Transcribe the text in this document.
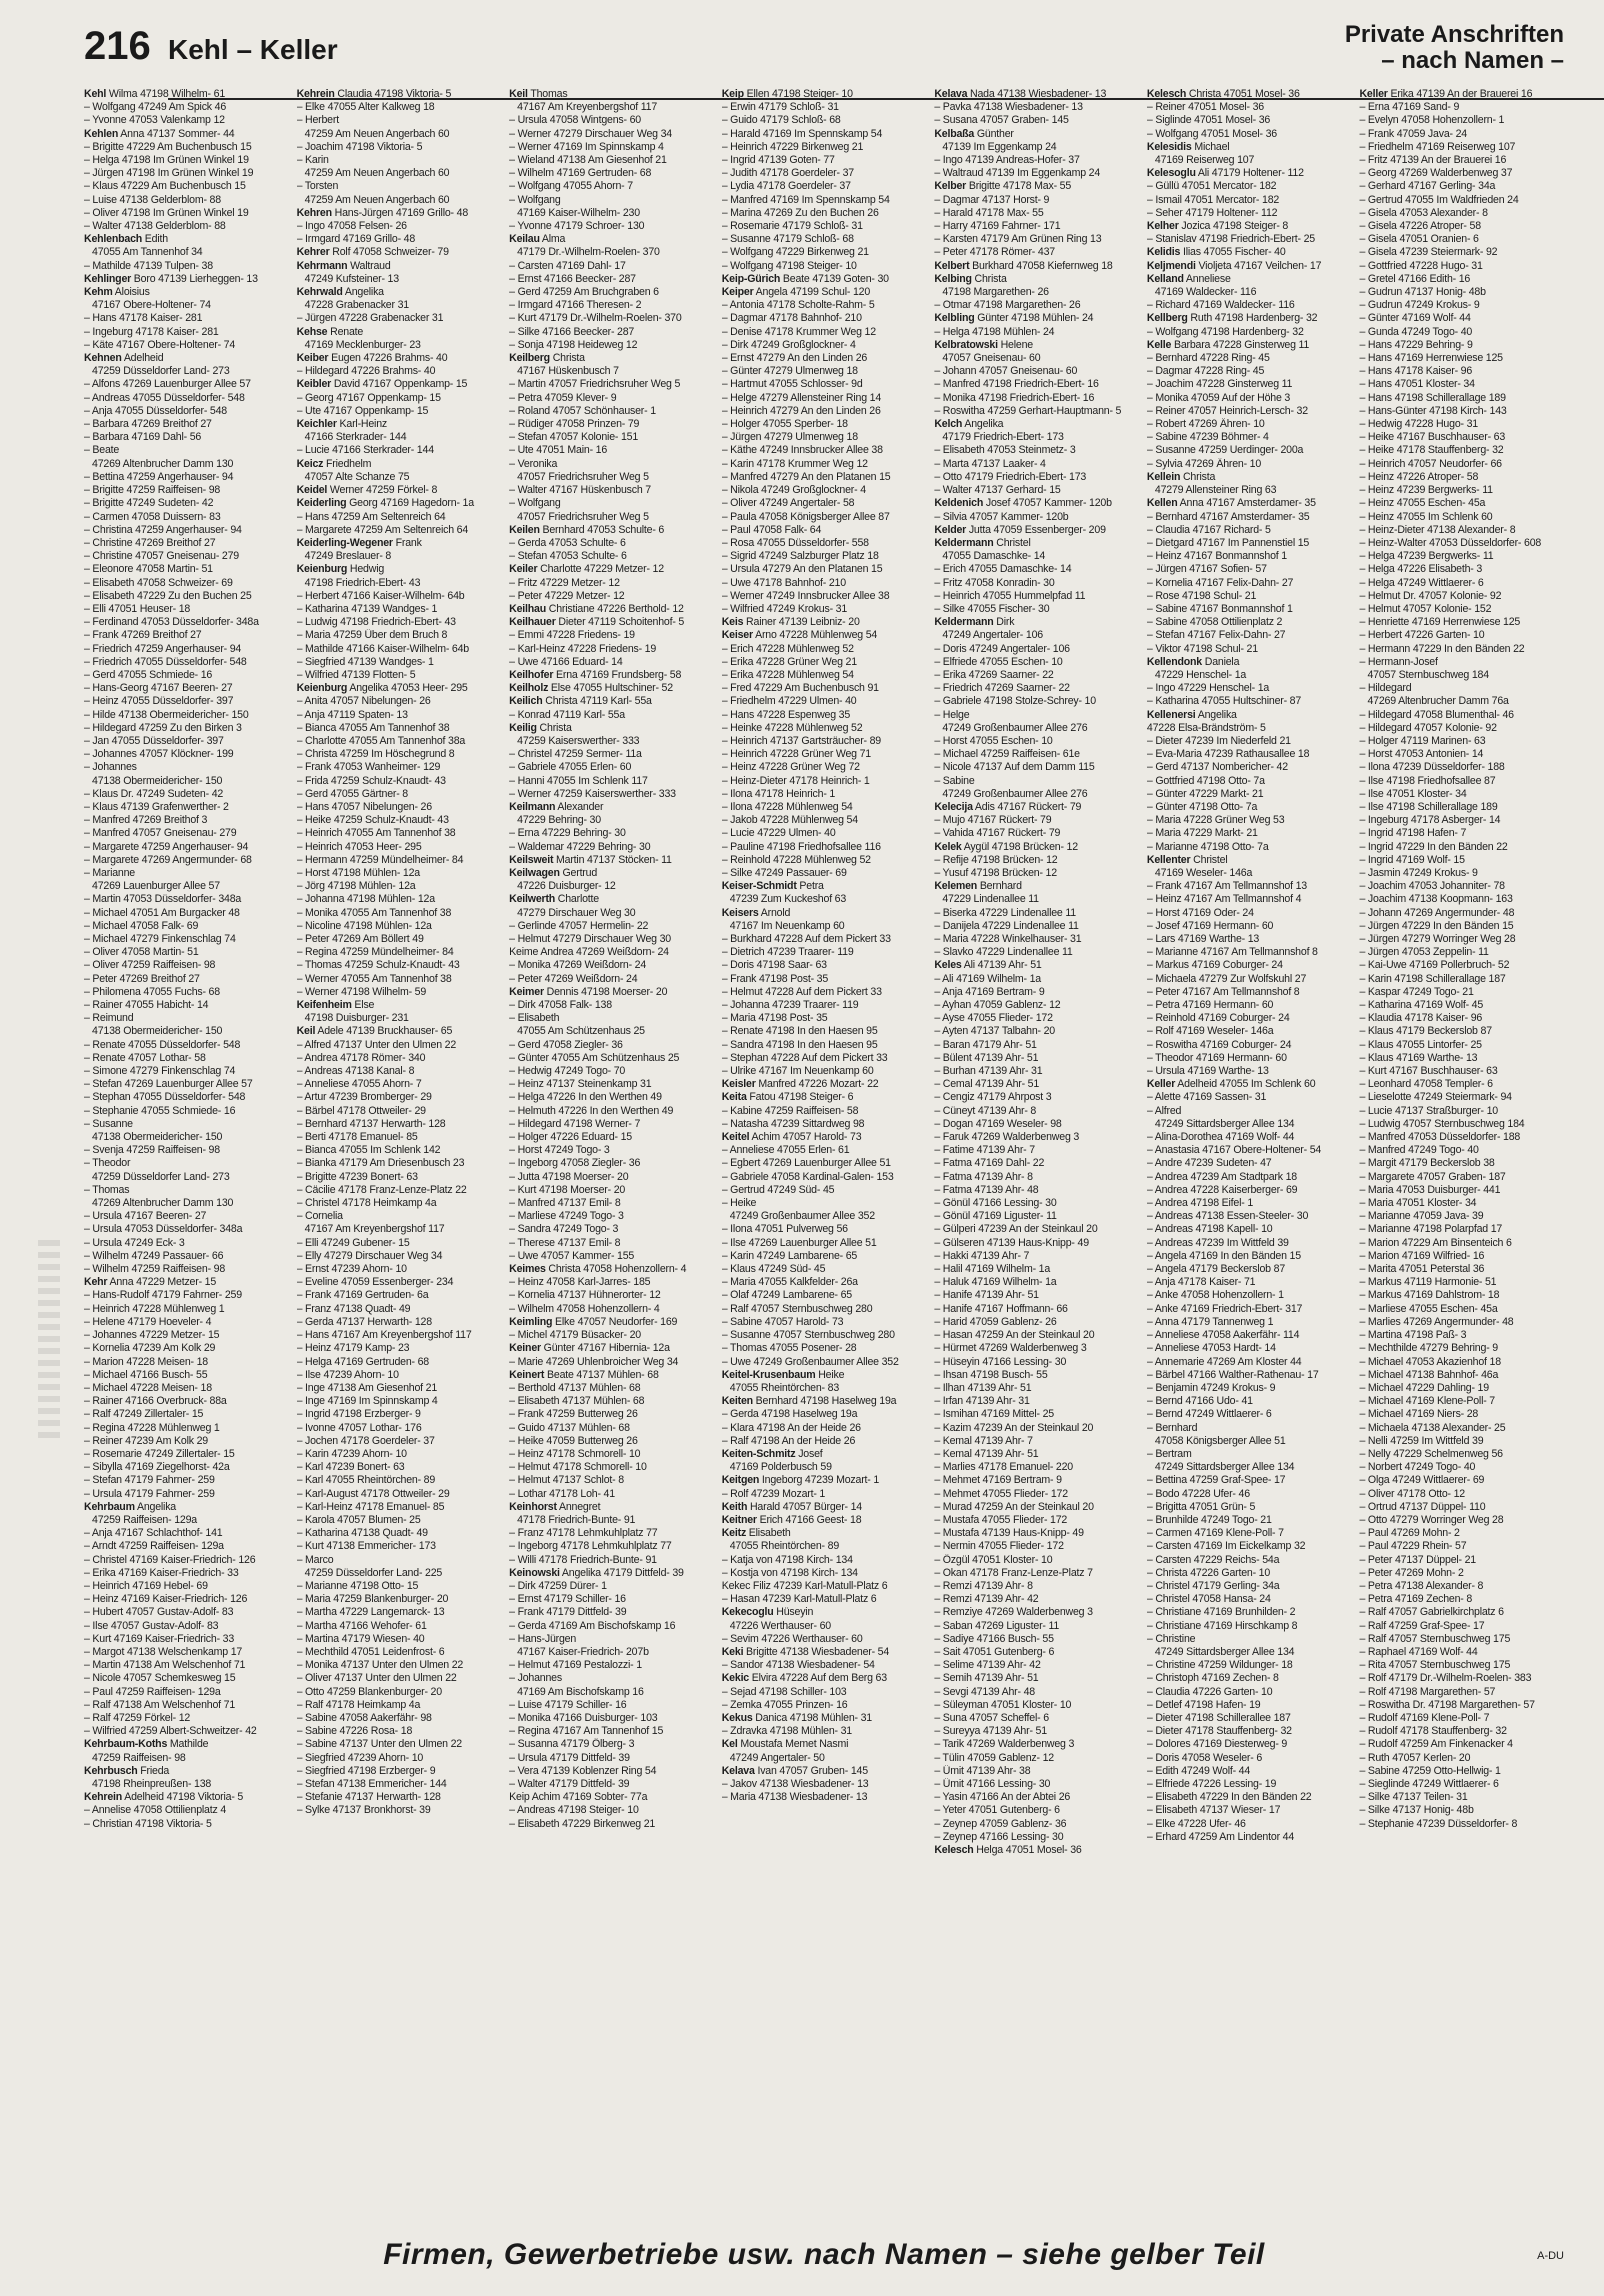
216 Kehl – Keller	Private Anschriften
– nach Namen –
Kehl Wilma 47198 Wilhelm- 61
– Wolfgang 47249 Am Spick 46
– Yvonne 47053 Valenkamp 12
Kehlen Anna 47137 Sommer- 44
– Brigitte 47229 Am Buchenbusch 15
– Helga 47198 Im Grünen Winkel 19
– Jürgen 47198 Im Grünen Winkel 19
– Klaus 47229 Am Buchenbusch 15
– Luise 47138 Gelderblom- 88
– Oliver 47198 Im Grünen Winkel 19
– Walter 47138 Gelderblom- 88
Kehlenbach Edith
47055 Am Tannenhof 34
– Mathilde 47139 Tulpen- 38
Kehlinger Boro 47139 Lierheggen- 13
Kehm Aloisius
47167 Obere-Holtener- 74
– Hans 47178 Kaiser- 281
– Ingeburg 47178 Kaiser- 281
– Käte 47167 Obere-Holtener- 74
Kehnen Adelheid
47259 Düsseldorfer Land- 273
– Alfons 47269 Lauenburger Allee 57
– Andreas 47055 Düsseldorfer- 548
– Anja 47055 Düsseldorfer- 548
– Barbara 47269 Breithof 27
– Barbara 47169 Dahl- 56
– Beate
47269 Altenbrucher Damm 130
– Bettina 47259 Angerhauser- 94
– Brigitte 47259 Raiffeisen- 98
– Brigitte 47249 Sudeten- 42
– Carmen 47058 Duissern- 83
– Christina 47259 Angerhauser- 94
– Christine 47269 Breithof 27
– Christine 47057 Gneisenau- 279
– Eleonore 47058 Martin- 51
– Elisabeth 47058 Schweizer- 69
– Elisabeth 47229 Zu den Buchen 25
– Elli 47051 Heuser- 18
– Ferdinand 47053 Düsseldorfer- 348a
– Frank 47269 Breithof 27
– Friedrich 47259 Angerhauser- 94
– Friedrich 47055 Düsseldorfer- 548
– Gerd 47055 Schmiede- 16
– Hans-Georg 47167 Beeren- 27
– Heinz 47055 Düsseldorfer- 397
– Hilde 47138 Obermeidericher- 150
– Hildegard 47259 Zu den Birken 3
– Jan 47055 Düsseldorfer- 397
– Johannes 47057 Klöckner- 199
– Johannes
47138 Obermeidericher- 150
– Klaus Dr. 47249 Sudeten- 42
– Klaus 47139 Grafenwerther- 2
– Manfred 47269 Breithof 3
– Manfred 47057 Gneisenau- 279
– Margarete 47259 Angerhauser- 94
– Margarete 47269 Angermunder- 68
– Marianne
47269 Lauenburger Allee 57
– Martin 47053 Düsseldorfer- 348a
– Michael 47051 Am Burgacker 48
– Michael 47058 Falk- 69
– Michael 47279 Finkenschlag 74
– Oliver 47058 Martin- 51
– Oliver 47259 Raiffeisen- 98
– Peter 47269 Breithof 27
– Philomena 47055 Fuchs- 68
– Rainer 47055 Habicht- 14
– Reimund
47138 Obermeidericher- 150
– Renate 47055 Düsseldorfer- 548
– Renate 47057 Lothar- 58
– Simone 47279 Finkenschlag 74
– Stefan 47269 Lauenburger Allee 57
– Stephan 47055 Düsseldorfer- 548
– Stephanie 47055 Schmiede- 16
– Susanne
47138 Obermeidericher- 150
– Svenja 47259 Raiffeisen- 98
– Theodor
47259 Düsseldorfer Land- 273
– Thomas
47269 Altenbrucher Damm 130
– Ursula 47167 Beeren- 27
– Ursula 47053 Düsseldorfer- 348a
– Ursula 47249 Eck- 3
– Wilhelm 47249 Passauer- 66
– Wilhelm 47259 Raiffeisen- 98
Kehr Anna 47229 Metzer- 15
– Hans-Rudolf 47179 Fahrner- 259
– Heinrich 47228 Mühlenweg 1
– Helene 47179 Hoeveler- 4
– Johannes 47229 Metzer- 15
– Kornelia 47239 Am Kolk 29
– Marion 47228 Meisen- 18
– Michael 47166 Busch- 55
– Michael 47228 Meisen- 18
– Rainer 47166 Overbruck- 88a
– Ralf 47249 Zillertaler- 15
– Regina 47228 Mühlenweg 1
– Reiner 47239 Am Kolk 29
– Rosemarie 47249 Zillertaler- 15
– Sibylla 47169 Ziegelhorst- 42a
– Stefan 47179 Fahrner- 259
– Ursula 47179 Fahrner- 259
Kehrbaum Angelika
47259 Raiffeisen- 129a
– Anja 47167 Schlachthof- 141
– Arndt 47259 Raiffeisen- 129a
– Christel 47169 Kaiser-Friedrich- 126
– Erika 47169 Kaiser-Friedrich- 33
– Heinrich 47169 Hebel- 69
– Heinz 47169 Kaiser-Friedrich- 126
– Hubert 47057 Gustav-Adolf- 83
– Ilse 47057 Gustav-Adolf- 83
– Kurt 47169 Kaiser-Friedrich- 33
– Margot 47138 Welschenkamp 17
– Martin 47138 Am Welschenhof 71
– Nicole 47057 Schemkesweg 15
– Paul 47259 Raiffeisen- 129a
– Ralf 47138 Am Welschenhof 71
– Ralf 47259 Förkel- 12
– Wilfried 47259 Albert-Schweitzer- 42
Kehrbaum-Koths Mathilde
47259 Raiffeisen- 98
Kehrbusch Frieda
47198 Rheinpreußen- 138
Kehrein Adelheid 47198 Viktoria- 5
– Annelise 47058 Ottilienplatz 4
– Christian 47198 Viktoria- 5
Kehrein Claudia 47198 Viktoria- 5
– Elke 47055 Alter Kalkweg 18
– Herbert
47259 Am Neuen Angerbach 60
– Joachim 47198 Viktoria- 5
– Karin
47259 Am Neuen Angerbach 60
– Torsten
47259 Am Neuen Angerbach 60
Kehren Hans-Jürgen 47169 Grillo- 48
– Ingo 47058 Felsen- 26
– Irmgard 47169 Grillo- 48
Kehrer Rolf 47058 Schweizer- 79
Kehrmann Waltraud
47249 Kufsteiner- 13
Kehrwald Angelika
47228 Grabenacker 31
– Jürgen 47228 Grabenacker 31
Kehse Renate
47169 Mecklenburger- 23
Keiber Eugen 47226 Brahms- 40
– Hildegard 47226 Brahms- 40
Keibler David 47167 Oppenkamp- 15
– Georg 47167 Oppenkamp- 15
– Ute 47167 Oppenkamp- 15
Keichler Karl-Heinz
47166 Sterkrader- 144
– Lucie 47166 Sterkrader- 144
Keicz Friedhelm
47057 Alte Schanze 75
Keidel Werner 47259 Förkel- 8
Keiderling Georg 47169 Hagedorn- 1a
– Hans 47259 Am Seltenreich 64
– Margarete 47259 Am Seltenreich 64
Keiderling-Wegener Frank
47249 Breslauer- 8
Keienburg Hedwig
47198 Friedrich-Ebert- 43
– Herbert 47166 Kaiser-Wilhelm- 64b
– Katharina 47139 Wandges- 1
– Ludwig 47198 Friedrich-Ebert- 43
– Maria 47259 Über dem Bruch 8
– Mathilde 47166 Kaiser-Wilhelm- 64b
– Siegfried 47139 Wandges- 1
– Wilfried 47139 Flotten- 5
Keienburg Angelika 47053 Heer- 295
– Anita 47057 Nibelungen- 26
– Anja 47119 Spaten- 13
– Bianca 47055 Am Tannenhof 38
– Charlotte 47055 Am Tannenhof 38a
– Christa 47259 Im Höschegrund 8
– Frank 47053 Wanheimer- 129
– Frida 47259 Schulz-Knaudt- 43
– Gerd 47055 Gärtner- 8
– Hans 47057 Nibelungen- 26
– Heike 47259 Schulz-Knaudt- 43
– Heinrich 47055 Am Tannenhof 38
– Heinrich 47053 Heer- 295
– Hermann 47259 Mündelheimer- 84
– Horst 47198 Mühlen- 12a
– Jörg 47198 Mühlen- 12a
– Johanna 47198 Mühlen- 12a
– Monika 47055 Am Tannenhof 38
– Nicoline 47198 Mühlen- 12a
– Peter 47269 Am Böllert 49
– Regina 47259 Mündelheimer- 84
– Thomas 47259 Schulz-Knaudt- 43
– Werner 47055 Am Tannenhof 38
– Werner 47198 Wilhelm- 59
Keifenheim Else
47198 Duisburger- 231
Keil Adele 47139 Bruckhauser- 65
– Alfred 47137 Unter den Ulmen 22
– Andrea 47178 Römer- 340
– Andreas 47138 Kanal- 8
– Anneliese 47055 Ahorn- 7
– Artur 47239 Bromberger- 29
– Bärbel 47178 Ottweiler- 29
– Bernhard 47137 Herwarth- 128
– Berti 47178 Emanuel- 85
– Bianca 47055 Im Schlenk 142
– Bianka 47179 Am Driesenbusch 23
– Brigitte 47239 Bonert- 63
– Cäcilie 47178 Franz-Lenze-Platz 22
– Christel 47178 Heimkamp 4a
– Cornelia
47167 Am Kreyenbergshof 117
– Elli 47249 Gubener- 15
– Elly 47279 Dirschauer Weg 34
– Ernst 47239 Ahorn- 10
– Eveline 47059 Essenberger- 234
– Frank 47169 Gertruden- 6a
– Franz 47138 Quadt- 49
– Gerda 47137 Herwarth- 128
– Hans 47167 Am Kreyenbergshof 117
– Heinz 47179 Kamp- 23
– Helga 47169 Gertruden- 68
– Ilse 47239 Ahorn- 10
– Inge 47138 Am Giesenhof 21
– Inge 47169 Im Spinnskamp 4
– Ingrid 47198 Erzberger- 9
– Ivonne 47057 Lothar- 176
– Jochen 47178 Goerdeler- 37
– Karin 47239 Ahorn- 10
– Karl 47239 Bonert- 63
– Karl 47055 Rheintörchen- 89
– Karl-August 47178 Ottweiler- 29
– Karl-Heinz 47178 Emanuel- 85
– Karola 47057 Blumen- 25
– Katharina 47138 Quadt- 49
– Kurt 47138 Emmericher- 173
– Marco
47259 Düsseldorfer Land- 225
– Marianne 47198 Otto- 15
– Maria 47259 Blankenburger- 20
– Martha 47229 Langemarck- 13
– Martha 47166 Wehofer- 61
– Martina 47179 Wiesen- 40
– Mechthild 47051 Leidenfrost- 6
– Monika 47137 Unter den Ulmen 22
– Oliver 47137 Unter den Ulmen 22
– Otto 47259 Blankenburger- 20
– Ralf 47178 Heimkamp 4a
– Sabine 47058 Aakerfähr- 98
– Sabine 47226 Rosa- 18
– Sabine 47137 Unter den Ulmen 22
– Siegfried 47239 Ahorn- 10
– Siegfried 47198 Erzberger- 9
– Stefan 47138 Emmericher- 144
– Stefanie 47137 Herwarth- 128
– Sylke 47137 Bronkhorst- 39
Keil Thomas
47167 Am Kreyenbergshof 117
– Ursula 47058 Wintgens- 60
– Werner 47279 Dirschauer Weg 34
– Werner 47169 Im Spinnskamp 4
– Wieland 47138 Am Giesenhof 21
– Wilhelm 47169 Gertruden- 68
– Wolfgang 47055 Ahorn- 7
– Wolfgang
47169 Kaiser-Wilhelm- 230
– Yvonne 47179 Schroer- 130
Keilau Alma
47179 Dr.-Wilhelm-Roelen- 370
– Carsten 47169 Dahl- 17
– Ernst 47166 Beecker- 287
– Gerd 47259 Am Bruchgraben 6
– Irmgard 47166 Theresen- 2
– Kurt 47179 Dr.-Wilhelm-Roelen- 370
– Silke 47166 Beecker- 287
– Sonja 47198 Heideweg 12
Keilberg Christa
47167 Hüskenbusch 7
– Martin 47057 Friedrichsruher Weg 5
– Petra 47059 Klever- 9
– Roland 47057 Schönhauser- 1
– Rüdiger 47058 Prinzen- 79
– Stefan 47057 Kolonie- 151
– Ute 47051 Main- 16
– Veronika
47057 Friedrichsruher Weg 5
– Walter 47167 Hüskenbusch 7
– Wolfgang
47057 Friedrichsruher Weg 5
Keilen Bernhard 47053 Schulte- 6
– Gerda 47053 Schulte- 6
– Stefan 47053 Schulte- 6
Keiler Charlotte 47229 Metzer- 12
– Fritz 47229 Metzer- 12
– Peter 47229 Metzer- 12
Keilhau Christiane 47226 Berthold- 12
Keilhauer Dieter 47119 Schoitenhof- 5
– Emmi 47228 Friedens- 19
– Karl-Heinz 47228 Friedens- 19
– Uwe 47166 Eduard- 14
Keilhofer Erna 47169 Frundsberg- 58
Keilholz Else 47055 Hultschiner- 52
Keilich Christa 47119 Karl- 55a
– Konrad 47119 Karl- 55a
Keilig Christa
47259 Kaiserswerther- 333
– Christel 47259 Sermer- 11a
– Gabriele 47055 Erlen- 60
– Hanni 47055 Im Schlenk 117
– Werner 47259 Kaiserswerther- 333
Keilmann Alexander
47229 Behring- 30
– Erna 47229 Behring- 30
– Waldemar 47229 Behring- 30
Keilsweit Martin 47137 Stöcken- 11
Keilwagen Gertrud
47226 Duisburger- 12
Keilwerth Charlotte
47279 Dirschauer Weg 30
– Gerlinde 47057 Hermelin- 22
– Helmut 47279 Dirschauer Weg 30
Keime Andrea 47269 Weißdorn- 24
– Monika 47269 Weißdorn- 24
– Peter 47269 Weißdorn- 24
Keimer Dennis 47198 Moerser- 20
– Dirk 47058 Falk- 138
– Elisabeth
47055 Am Schützenhaus 25
– Gerd 47058 Ziegler- 36
– Günter 47055 Am Schützenhaus 25
– Hedwig 47249 Togo- 70
– Heinz 47137 Steinenkamp 31
– Helga 47226 In den Werthen 49
– Helmuth 47226 In den Werthen 49
– Hildegard 47198 Werner- 7
– Holger 47226 Eduard- 15
– Horst 47249 Togo- 3
– Ingeborg 47058 Ziegler- 36
– Jutta 47198 Moerser- 20
– Kurt 47198 Moerser- 20
– Manfred 47137 Emil- 8
– Marliese 47249 Togo- 3
– Sandra 47249 Togo- 3
– Therese 47137 Emil- 8
– Uwe 47057 Kammer- 155
Keimes Christa 47058 Hohenzollern- 4
– Heinz 47058 Karl-Jarres- 185
– Kornelia 47137 Hühnerorter- 12
– Wilhelm 47058 Hohenzollern- 4
Keimling Elke 47057 Neudorfer- 169
– Michel 47179 Büsacker- 20
Keiner Günter 47167 Hibernia- 12a
– Marie 47269 Uhlenbroicher Weg 34
Keinert Beate 47137 Mühlen- 68
– Berthold 47137 Mühlen- 68
– Elisabeth 47137 Mühlen- 68
– Frank 47259 Butterweg 26
– Guido 47137 Mühlen- 68
– Heike 47059 Butterweg 26
– Heinz 47178 Schmorell- 10
– Helmut 47178 Schmorell- 10
– Helmut 47137 Schlot- 8
– Lothar 47178 Loh- 41
Keinhorst Annegret
47178 Friedrich-Bunte- 91
– Franz 47178 Lehmkuhlplatz 77
– Ingeborg 47178 Lehmkuhlplatz 77
– Willi 47178 Friedrich-Bunte- 91
Keinowski Angelika 47179 Dittfeld- 39
– Dirk 47259 Dürer- 1
– Ernst 47179 Schiller- 16
– Frank 47179 Dittfeld- 39
– Gerda 47169 Am Bischofskamp 16
– Hans-Jürgen
47167 Kaiser-Friedrich- 207b
– Helmut 47169 Pestalozzi- 1
– Johannes
47169 Am Bischofskamp 16
– Luise 47179 Schiller- 16
– Monika 47166 Duisburger- 103
– Regina 47167 Am Tannenhof 15
– Susanna 47179 Ölberg- 3
– Ursula 47179 Dittfeld- 39
– Vera 47139 Koblenzer Ring 54
– Walter 47179 Dittfeld- 39
Keip Achim 47169 Sobter- 77a
– Andreas 47198 Steiger- 10
– Elisabeth 47229 Birkenweg 21
Keip Ellen 47198 Steiger- 10
– Erwin 47179 Schloß- 31
– Guido 47179 Schloß- 68
– Harald 47169 Im Spennskamp 54
– Heinrich 47229 Birkenweg 21
– Ingrid 47139 Goten- 77
– Judith 47178 Goerdeler- 37
– Lydia 47178 Goerdeler- 37
– Manfred 47169 Im Spennskamp 54
– Marina 47269 Zu den Buchen 26
– Rosemarie 47179 Schloß- 31
– Susanne 47179 Schloß- 68
– Wolfgang 47229 Birkenweg 21
– Wolfgang 47198 Steiger- 10
Keip-Gürich Beate 47139 Goten- 30
Keiper Angela 47199 Schul- 120
– Antonia 47178 Scholte-Rahm- 5
– Dagmar 47178 Bahnhof- 210
– Denise 47178 Krummer Weg 12
– Dirk 47249 Großglockner- 4
– Ernst 47279 An den Linden 26
– Günter 47279 Ulmenweg 18
– Hartmut 47055 Schlosser- 9d
– Helge 47279 Allensteiner Ring 14
– Heinrich 47279 An den Linden 26
– Holger 47055 Sperber- 18
– Jürgen 47279 Ulmenweg 18
– Käthe 47249 Innsbrucker Allee 38
– Karin 47178 Krummer Weg 12
– Manfred 47279 An den Platanen 15
– Nikola 47249 Großglockner- 4
– Oliver 47249 Angertaler- 58
– Paula 47058 Königsberger Allee 87
– Paul 47058 Falk- 64
– Rosa 47055 Düsseldorfer- 558
– Sigrid 47249 Salzburger Platz 18
– Ursula 47279 An den Platanen 15
– Uwe 47178 Bahnhof- 210
– Werner 47249 Innsbrucker Allee 38
– Wilfried 47249 Krokus- 31
Keis Rainer 47139 Leibniz- 20
Keiser Arno 47228 Mühlenweg 54
– Erich 47228 Mühlenweg 52
– Erika 47228 Grüner Weg 21
– Erika 47228 Mühlenweg 54
– Fred 47229 Am Buchenbusch 91
– Friedhelm 47229 Ulmen- 40
– Hans 47228 Espenweg 35
– Heinke 47228 Mühlenweg 52
– Heinrich 47137 Gartsträucher- 89
– Heinrich 47228 Grüner Weg 71
– Heinz 47228 Grüner Weg 72
– Heinz-Dieter 47178 Heinrich- 1
– Ilona 47178 Heinrich- 1
– Ilona 47228 Mühlenweg 54
– Jakob 47228 Mühlenweg 54
– Lucie 47229 Ulmen- 40
– Pauline 47198 Friedhofsallee 116
– Reinhold 47228 Mühlenweg 52
– Silke 47249 Passauer- 69
Keiser-Schmidt Petra
47239 Zum Kuckeshof 63
Keisers Arnold
47167 Im Neuenkamp 60
– Burkhard 47228 Auf dem Pickert 33
– Dietrich 47239 Traarer- 119
– Doris 47198 Saar- 63
– Frank 47198 Post- 35
– Helmut 47228 Auf dem Pickert 33
– Johanna 47239 Traarer- 119
– Maria 47198 Post- 35
– Renate 47198 In den Haesen 95
– Sandra 47198 In den Haesen 95
– Stephan 47228 Auf dem Pickert 33
– Ulrike 47167 Im Neuenkamp 60
Keisler Manfred 47226 Mozart- 22
Keita Fatou 47198 Steiger- 6
– Kabine 47259 Raiffeisen- 58
– Natasha 47239 Sittardweg 98
Keitel Achim 47057 Harold- 73
– Anneliese 47055 Erlen- 61
– Egbert 47269 Lauenburger Allee 51
– Gabriele 47058 Kardinal-Galen- 153
– Gertrud 47249 Süd- 45
– Heike
47249 Großenbaumer Allee 352
– Ilona 47051 Pulverweg 56
– Ilse 47269 Lauenburger Allee 51
– Karin 47249 Lambarene- 65
– Klaus 47249 Süd- 45
– Maria 47055 Kalkfelder- 26a
– Olaf 47249 Lambarene- 65
– Ralf 47057 Sternbuschweg 280
– Sabine 47057 Harold- 73
– Susanne 47057 Sternbuschweg 280
– Thomas 47055 Posener- 28
– Uwe 47249 Großenbaumer Allee 352
Keitel-Krusenbaum Heike
47055 Rheintörchen- 83
Keiten Bernhard 47198 Haselweg 19a
– Gerda 47198 Haselweg 19a
– Klara 47198 An der Heide 26
– Ralf 47198 An der Heide 26
Keiten-Schmitz Josef
47169 Polderbusch 59
Keitgen Ingeborg 47239 Mozart- 1
– Rolf 47239 Mozart- 1
Keith Harald 47057 Bürger- 14
Keitner Erich 47166 Geest- 18
Keitz Elisabeth
47055 Rheintörchen- 89
– Katja von 47198 Kirch- 134
– Kostja von 47198 Kirch- 134
Kekec Filiz 47239 Karl-Matull-Platz 6
– Hasan 47239 Karl-Matull-Platz 6
Kekecoglu Hüseyin
47226 Werthauser- 60
– Sevim 47226 Werthauser- 60
Keki Brigitte 47138 Wiesbadener- 54
– Sandor 47138 Wiesbadener- 54
Kekic Elvira 47228 Auf dem Berg 63
– Sejad 47198 Schiller- 103
– Zemka 47055 Prinzen- 16
Kekus Danica 47198 Mühlen- 31
– Zdravka 47198 Mühlen- 31
Kel Moustafa Memet Nasmi
47249 Angertaler- 50
Kelava Ivan 47057 Gruben- 145
– Jakov 47138 Wiesbadener- 13
– Maria 47138 Wiesbadener- 13
Kelava Nada 47138 Wiesbadener- 13
– Pavka 47138 Wiesbadener- 13
– Susana 47057 Graben- 145
Kelbaßa Günther
47139 Im Eggenkamp 24
– Ingo 47139 Andreas-Hofer- 37
– Waltraud 47139 Im Eggenkamp 24
Kelber Brigitte 47178 Max- 55
– Dagmar 47137 Horst- 9
– Harald 47178 Max- 55
– Harry 47169 Fahrner- 171
– Karsten 47179 Am Grünen Ring 13
– Peter 47178 Römer- 437
Kelbert Burkhard 47058 Kiefernweg 18
Kelbing Christa
47198 Margarethen- 26
– Otmar 47198 Margarethen- 26
Kelbling Günter 47198 Mühlen- 24
– Helga 47198 Mühlen- 24
Kelbratowski Helene
47057 Gneisenau- 60
– Johann 47057 Gneisenau- 60
– Manfred 47198 Friedrich-Ebert- 16
– Monika 47198 Friedrich-Ebert- 16
– Roswitha 47259 Gerhart-Hauptmann- 5
Kelch Angelika
47179 Friedrich-Ebert- 173
– Elisabeth 47053 Steinmetz- 3
– Marta 47137 Laaker- 4
– Otto 47179 Friedrich-Ebert- 173
– Walter 47137 Gerhard- 15
Keldenich Josef 47057 Kammer- 120b
– Silvia 47057 Kammer- 120b
Kelder Jutta 47059 Essenberger- 209
Keldermann Christel
47055 Damaschke- 14
– Erich 47055 Damaschke- 14
– Fritz 47058 Konradin- 30
– Heinrich 47055 Hummelpfad 11
– Silke 47055 Fischer- 30
Keldermann Dirk
47249 Angertaler- 106
– Doris 47249 Angertaler- 106
– Elfriede 47055 Eschen- 10
– Erika 47269 Saarner- 22
– Friedrich 47269 Saarner- 22
– Gabriele 47198 Stolze-Schrey- 10
– Helge
47249 Großenbaumer Allee 276
– Horst 47055 Eschen- 10
– Michael 47259 Raiffeisen- 61e
– Nicole 47137 Auf dem Damm 115
– Sabine
47249 Großenbaumer Allee 276
Kelecija Adis 47167 Rückert- 79
– Mujo 47167 Rückert- 79
– Vahida 47167 Rückert- 79
Kelek Aygül 47198 Brücken- 12
– Refije 47198 Brücken- 12
– Yusuf 47198 Brücken- 12
Kelemen Bernhard
47229 Lindenallee 11
– Biserka 47229 Lindenallee 11
– Danijela 47229 Lindenallee 11
– Maria 47228 Winkelhauser- 31
– Slavko 47229 Lindenallee 11
Keles Ali 47139 Ahr- 51
– Ali 47169 Wilhelm- 1a
– Anja 47169 Bertram- 9
– Ayhan 47059 Gablenz- 12
– Ayse 47055 Flieder- 172
– Ayten 47137 Talbahn- 20
– Baran 47179 Ahr- 51
– Bülent 47139 Ahr- 51
– Burhan 47139 Ahr- 31
– Cemal 47139 Ahr- 51
– Cengiz 47179 Ahrpost 3
– Cüneyt 47139 Ahr- 8
– Dogan 47169 Weseler- 98
– Faruk 47269 Walderbenweg 3
– Fatime 47139 Ahr- 7
– Fatma 47169 Dahl- 22
– Fatma 47139 Ahr- 8
– Fatma 47139 Ahr- 48
– Gönül 47166 Lessing- 30
– Gönül 47169 Liguster- 11
– Gülperi 47239 An der Steinkaul 20
– Gülseren 47139 Haus-Knipp- 49
– Hakki 47139 Ahr- 7
– Halil 47169 Wilhelm- 1a
– Haluk 47169 Wilhelm- 1a
– Hanife 47139 Ahr- 51
– Hanife 47167 Hoffmann- 66
– Harid 47059 Gablenz- 26
– Hasan 47259 An der Steinkaul 20
– Hürmet 47269 Walderbenweg 3
– Hüseyin 47166 Lessing- 30
– Ihsan 47198 Busch- 55
– Ilhan 47139 Ahr- 51
– Irfan 47139 Ahr- 31
– Ismihan 47169 Mittel- 25
– Kazim 47239 An der Steinkaul 20
– Kemal 47139 Ahr- 7
– Kemal 47139 Ahr- 51
– Marlies 47178 Emanuel- 220
– Mehmet 47169 Bertram- 9
– Mehmet 47055 Flieder- 172
– Murad 47259 An der Steinkaul 20
– Mustafa 47055 Flieder- 172
– Mustafa 47139 Haus-Knipp- 49
– Nermin 47055 Flieder- 172
– Özgül 47051 Kloster- 10
– Okan 47178 Franz-Lenze-Platz 7
– Remzi 47139 Ahr- 8
– Remzi 47139 Ahr- 42
– Remziye 47269 Walderbenweg 3
– Saban 47269 Liguster- 11
– Sadiye 47166 Busch- 55
– Sait 47051 Gutenberg- 6
– Selime 47139 Ahr- 42
– Semih 47139 Ahr- 51
– Sevgi 47139 Ahr- 48
– Süleyman 47051 Kloster- 10
– Suna 47057 Scheffel- 6
– Sureyya 47139 Ahr- 51
– Tarik 47269 Walderbenweg 3
– Tülin 47059 Gablenz- 12
– Ümit 47139 Ahr- 38
– Ümit 47166 Lessing- 30
– Yasin 47166 An der Abtei 26
– Yeter 47051 Gutenberg- 6
– Zeynep 47059 Gablenz- 36
– Zeynep 47166 Lessing- 30
Kelesch Helga 47051 Mosel- 36
Kelesch Christa 47051 Mosel- 36
– Reiner 47051 Mosel- 36
– Siglinde 47051 Mosel- 36
– Wolfgang 47051 Mosel- 36
Kelesidis Michael
47169 Reiserweg 107
Kelesoglu Ali 47179 Holtener- 112
– Güllü 47051 Mercator- 182
– Ismail 47051 Mercator- 182
– Seher 47179 Holtener- 112
Kelher Jozica 47198 Steiger- 8
– Stanislav 47198 Friedrich-Ebert- 25
Kelidis Ilias 47055 Fischer- 40
Keljmendi Violjeta 47167 Veilchen- 17
Kelland Anneliese
47169 Waldecker- 116
– Richard 47169 Waldecker- 116
Kellberg Ruth 47198 Hardenberg- 32
– Wolfgang 47198 Hardenberg- 32
Kelle Barbara 47228 Ginsterweg 11
– Bernhard 47228 Ring- 45
– Dagmar 47228 Ring- 45
– Joachim 47228 Ginsterweg 11
– Monika 47059 Auf der Höhe 3
– Reiner 47057 Heinrich-Lersch- 32
– Robert 47269 Ähren- 10
– Sabine 47239 Böhmer- 4
– Susanne 47259 Uerdinger- 200a
– Sylvia 47269 Ähren- 10
Kellein Christa
47279 Allensteiner Ring 63
Kellen Anna 47167 Amsterdamer- 35
– Bernhard 47167 Amsterdamer- 35
– Claudia 47167 Richard- 5
– Dietgard 47167 Im Pannenstiel 15
– Heinz 47167 Bonmannshof 1
– Jürgen 47167 Sofien- 57
– Kornelia 47167 Felix-Dahn- 27
– Rose 47198 Schul- 21
– Sabine 47167 Bonmannshof 1
– Sabine 47058 Ottilienplatz 2
– Stefan 47167 Felix-Dahn- 27
– Viktor 47198 Schul- 21
Kellendonk Daniela
47229 Henschel- 1a
– Ingo 47229 Henschel- 1a
– Katharina 47055 Hultschiner- 87
Kellenersi Angelika
47228 Elsa-Brändström- 5
– Dieter 47239 Im Niederfeld 21
– Eva-Maria 47239 Rathausallee 18
– Gerd 47137 Nombericher- 42
– Gottfried 47198 Otto- 7a
– Günter 47229 Markt- 21
– Günter 47198 Otto- 7a
– Maria 47228 Grüner Weg 53
– Maria 47229 Markt- 21
– Marianne 47198 Otto- 7a
Kellenter Christel
47169 Weseler- 146a
– Frank 47167 Am Tellmannshof 13
– Heinz 47167 Am Tellmannshof 4
– Horst 47169 Oder- 24
– Josef 47169 Hermann- 60
– Lars 47169 Warthe- 13
– Marianne 47167 Am Tellmannshof 8
– Markus 47169 Coburger- 24
– Michaela 47279 Zur Wolfskuhl 27
– Peter 47167 Am Tellmannshof 8
– Petra 47169 Hermann- 60
– Reinhold 47169 Coburger- 24
– Rolf 47169 Weseler- 146a
– Roswitha 47169 Coburger- 24
– Theodor 47169 Hermann- 60
– Ursula 47169 Warthe- 13
Keller Adelheid 47055 Im Schlenk 60
– Alette 47169 Sassen- 31
– Alfred
47249 Sittardsberger Allee 134
– Alina-Dorothea 47169 Wolf- 44
– Anastasia 47167 Obere-Holtener- 54
– Andre 47239 Sudeten- 47
– Andrea 47239 Am Stadtpark 18
– Andrea 47228 Kaiserberger- 69
– Andrea 47198 Eifel- 1
– Andreas 47138 Essen-Steeler- 30
– Andreas 47198 Kapell- 10
– Andreas 47239 Im Wittfeld 39
– Angela 47169 In den Bänden 15
– Angela 47179 Beckerslob 87
– Anja 47178 Kaiser- 71
– Anke 47058 Hohenzollern- 1
– Anke 47169 Friedrich-Ebert- 317
– Anna 47179 Tannenweg 1
– Anneliese 47058 Aakerfähr- 114
– Anneliese 47053 Hardt- 14
– Annemarie 47269 Am Kloster 44
– Bärbel 47166 Walther-Rathenau- 17
– Benjamin 47249 Krokus- 9
– Bernd 47166 Udo- 41
– Bernd 47249 Wittlaerer- 6
– Bernhard
47058 Königsberger Allee 51
– Bertram
47249 Sittardsberger Allee 134
– Bettina 47259 Graf-Spee- 17
– Bodo 47228 Ufer- 46
– Brigitta 47051 Grün- 5
– Brunhilde 47249 Togo- 21
– Carmen 47169 Klene-Poll- 7
– Carsten 47169 Im Eickelkamp 32
– Carsten 47229 Reichs- 54a
– Christa 47226 Garten- 10
– Christel 47179 Gerling- 34a
– Christel 47058 Hansa- 24
– Christiane 47169 Brunhilden- 2
– Christiane 47169 Hirschkamp 8
– Christine
47249 Sittardsberger Allee 134
– Christine 47259 Wildunger- 18
– Christoph 47169 Zechen- 8
– Claudia 47226 Garten- 10
– Detlef 47198 Hafen- 19
– Dieter 47198 Schillerallee 187
– Dieter 47178 Stauffenberg- 32
– Dolores 47169 Diesterweg- 9
– Doris 47058 Weseler- 6
– Edith 47249 Wolf- 44
– Elfriede 47226 Lessing- 19
– Elisabeth 47229 In den Bänden 22
– Elisabeth 47137 Wieser- 17
– Elke 47228 Ufer- 46
– Erhard 47259 Am Lindentor 44
Keller Erika 47139 An der Brauerei 16
– Erna 47169 Sand- 9
– Evelyn 47058 Hohenzollern- 1
– Frank 47059 Java- 24
– Friedhelm 47169 Reiserweg 107
– Fritz 47139 An der Brauerei 16
– Georg 47269 Walderbenweg 37
– Gerhard 47167 Gerling- 34a
– Gertrud 47055 Im Waldfrieden 24
– Gisela 47053 Alexander- 8
– Gisela 47226 Atroper- 58
– Gisela 47051 Oranien- 6
– Gisela 47239 Steiermark- 92
– Gottfried 47228 Hugo- 31
– Gretel 47166 Edith- 16
– Gudrun 47137 Honig- 48b
– Gudrun 47249 Krokus- 9
– Günter 47169 Wolf- 44
– Gunda 47249 Togo- 40
– Hans 47229 Behring- 9
– Hans 47169 Herrenwiese 125
– Hans 47178 Kaiser- 96
– Hans 47051 Kloster- 34
– Hans 47198 Schillerallage 189
– Hans-Günter 47198 Kirch- 143
– Hedwig 47228 Hugo- 31
– Heike 47167 Buschhauser- 63
– Heike 47178 Stauffenberg- 32
– Heinrich 47057 Neudorfer- 66
– Heinz 47226 Atroper- 58
– Heinz 47239 Bergwerks- 11
– Heinz 47055 Eschen- 45a
– Heinz 47055 Im Schlenk 60
– Heinz-Dieter 47138 Alexander- 8
– Heinz-Walter 47053 Düsseldorfer- 608
– Helga 47239 Bergwerks- 11
– Helga 47226 Elisabeth- 3
– Helga 47249 Wittlaerer- 6
– Helmut Dr. 47057 Kolonie- 92
– Helmut 47057 Kolonie- 152
– Henriette 47169 Herrenwiese 125
– Herbert 47226 Garten- 10
– Hermann 47229 In den Bänden 22
– Hermann-Josef
47057 Sternbuschweg 184
– Hildegard
47269 Altenbrucher Damm 76a
– Hildegard 47058 Blumenthal- 46
– Hildegard 47057 Kolonie- 92
– Holger 47119 Marinen- 63
– Horst 47053 Antonien- 14
– Ilona 47239 Düsseldorfer- 188
– Ilse 47198 Friedhofsallee 87
– Ilse 47051 Kloster- 34
– Ilse 47198 Schillerallage 189
– Ingeburg 47178 Asberger- 14
– Ingrid 47198 Hafen- 7
– Ingrid 47229 In den Bänden 22
– Ingrid 47169 Wolf- 15
– Jasmin 47249 Krokus- 9
– Joachim 47053 Johanniter- 78
– Joachim 47138 Koopmann- 163
– Johann 47269 Angermunder- 48
– Jürgen 47229 In den Bänden 15
– Jürgen 47279 Worringer Weg 28
– Jürgen 47053 Zeppelin- 11
– Kai-Uwe 47169 Pollerbruch- 52
– Karin 47198 Schillerallage 187
– Kaspar 47249 Togo- 21
– Katharina 47169 Wolf- 45
– Klaudia 47178 Kaiser- 96
– Klaus 47179 Beckerslob 87
– Klaus 47055 Lintorfer- 25
– Klaus 47169 Warthe- 13
– Kurt 47167 Buschhauser- 63
– Leonhard 47058 Templer- 6
– Lieselotte 47249 Steiermark- 94
– Lucie 47137 Straßburger- 10
– Ludwig 47057 Sternbuschweg 184
– Manfred 47053 Düsseldorfer- 188
– Manfred 47249 Togo- 40
– Margit 47179 Beckerslob 38
– Margarete 47057 Graben- 187
– Maria 47053 Duisburger- 441
– Maria 47051 Kloster- 34
– Marianne 47059 Java- 39
– Marianne 47198 Polarpfad 17
– Marion 47229 Am Binsenteich 6
– Marion 47169 Wilfried- 16
– Marita 47051 Peterstal 36
– Markus 47119 Harmonie- 51
– Markus 47169 Dahlstrom- 18
– Marliese 47055 Eschen- 45a
– Marlies 47269 Angermunder- 48
– Martina 47198 Paß- 3
– Mechthilde 47279 Behring- 9
– Michael 47053 Akazienhof 18
– Michael 47138 Bahnhof- 46a
– Michael 47229 Dahling- 19
– Michael 47169 Klene-Poll- 7
– Michael 47169 Niers- 28
– Michaela 47138 Alexander- 25
– Nelli 47259 Im Wittfeld 39
– Nelly 47229 Schelmenweg 56
– Norbert 47249 Togo- 40
– Olga 47249 Wittlaerer- 69
– Oliver 47178 Otto- 12
– Ortrud 47137 Düppel- 110
– Otto 47279 Worringer Weg 28
– Paul 47269 Mohn- 2
– Paul 47229 Rhein- 57
– Peter 47137 Düppel- 21
– Peter 47269 Mohn- 2
– Petra 47138 Alexander- 8
– Petra 47169 Zechen- 8
– Ralf 47057 Gabrielkirchplatz 6
– Ralf 47259 Graf-Spee- 17
– Ralf 47057 Sternbuschweg 175
– Raphael 47169 Wolf- 44
– Rita 47057 Sternbuschweg 175
– Rolf 47179 Dr.-Wilhelm-Roelen- 383
– Rolf 47198 Margarethen- 57
– Roswitha Dr. 47198 Margarethen- 57
– Rudolf 47169 Klene-Poll- 7
– Rudolf 47178 Stauffenberg- 32
– Rudolf 47259 Am Finkenacker 4
– Ruth 47057 Kerlen- 20
– Sabine 47259 Otto-Hellwig- 1
– Sieglinde 47249 Wittlaerer- 6
– Silke 47137 Teilen- 31
– Silke 47137 Honig- 48b
– Stephanie 47239 Düsseldorfer- 8
Firmen, Gewerbetriebe usw. nach Namen – siehe gelber Teil	A-DU
